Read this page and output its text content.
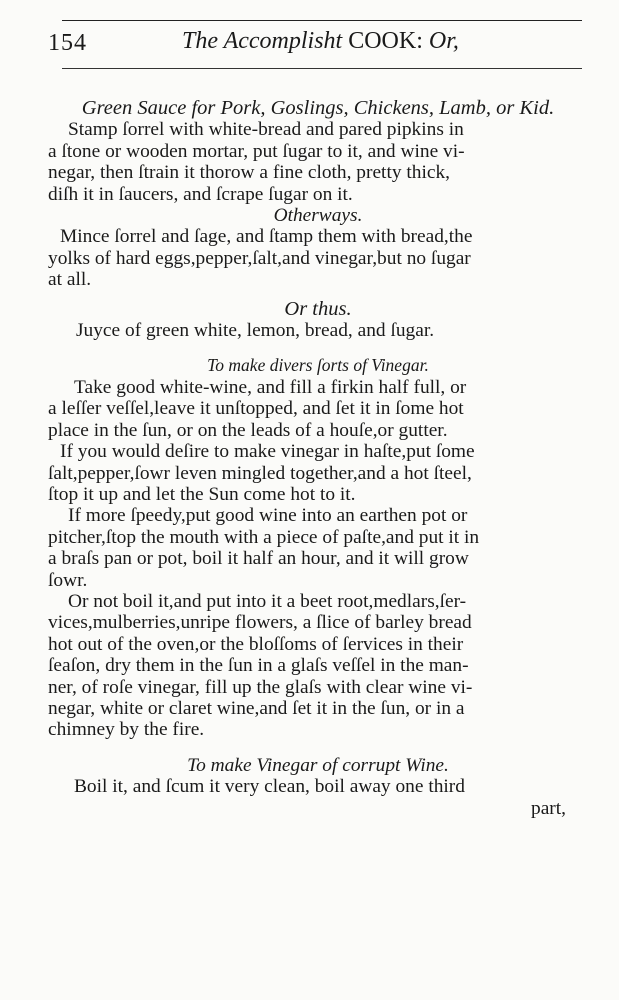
154	The Accomplisht COOK: Or,
Green Sauce for Pork, Goslings, Chickens, Lamb, or Kid.
Stamp ſorrel with white-bread and pared pipkins in
a ſtone or wooden mortar, put ſugar to it, and wine vi-
negar, then ſtrain it thorow a fine cloth, pretty thick,
diſh it in ſaucers, and ſcrape ſugar on it.
Otherways.
Mince ſorrel and ſage, and ſtamp them with bread,the
yolks of hard eggs,pepper,ſalt,and vinegar,but no ſugar
at all.
Or thus.
Juyce of green white, lemon, bread, and ſugar.
To make divers ſorts of Vinegar.
Take good white-wine, and fill a firkin half full, or
a leſſer veſſel,leave it unſtopped, and ſet it in ſome hot
place in the ſun, or on the leads of a houſe,or gutter.
If you would deſire to make vinegar in haſte,put ſome
ſalt,pepper,ſowr leven mingled together,and a hot ſteel,
ſtop it up and let the Sun come hot to it.
If more ſpeedy,put good wine into an earthen pot or
pitcher,ſtop the mouth with a piece of paſte,and put it in
a braſs pan or pot, boil it half an hour, and it will grow
ſowr.
Or not boil it,and put into it a beet root,medlars,ſer-
vices,mulberries,unripe flowers, a ſlice of barley bread
hot out of the oven,or the bloſſoms of ſervices in their
ſeaſon, dry them in the ſun in a glaſs veſſel in the man-
ner, of roſe vinegar, fill up the glaſs with clear wine vi-
negar, white or claret wine,and ſet it in the ſun, or in a
chimney by the fire.
To make Vinegar of corrupt Wine.
Boil it, and ſcum it very clean, boil away one third
part,
